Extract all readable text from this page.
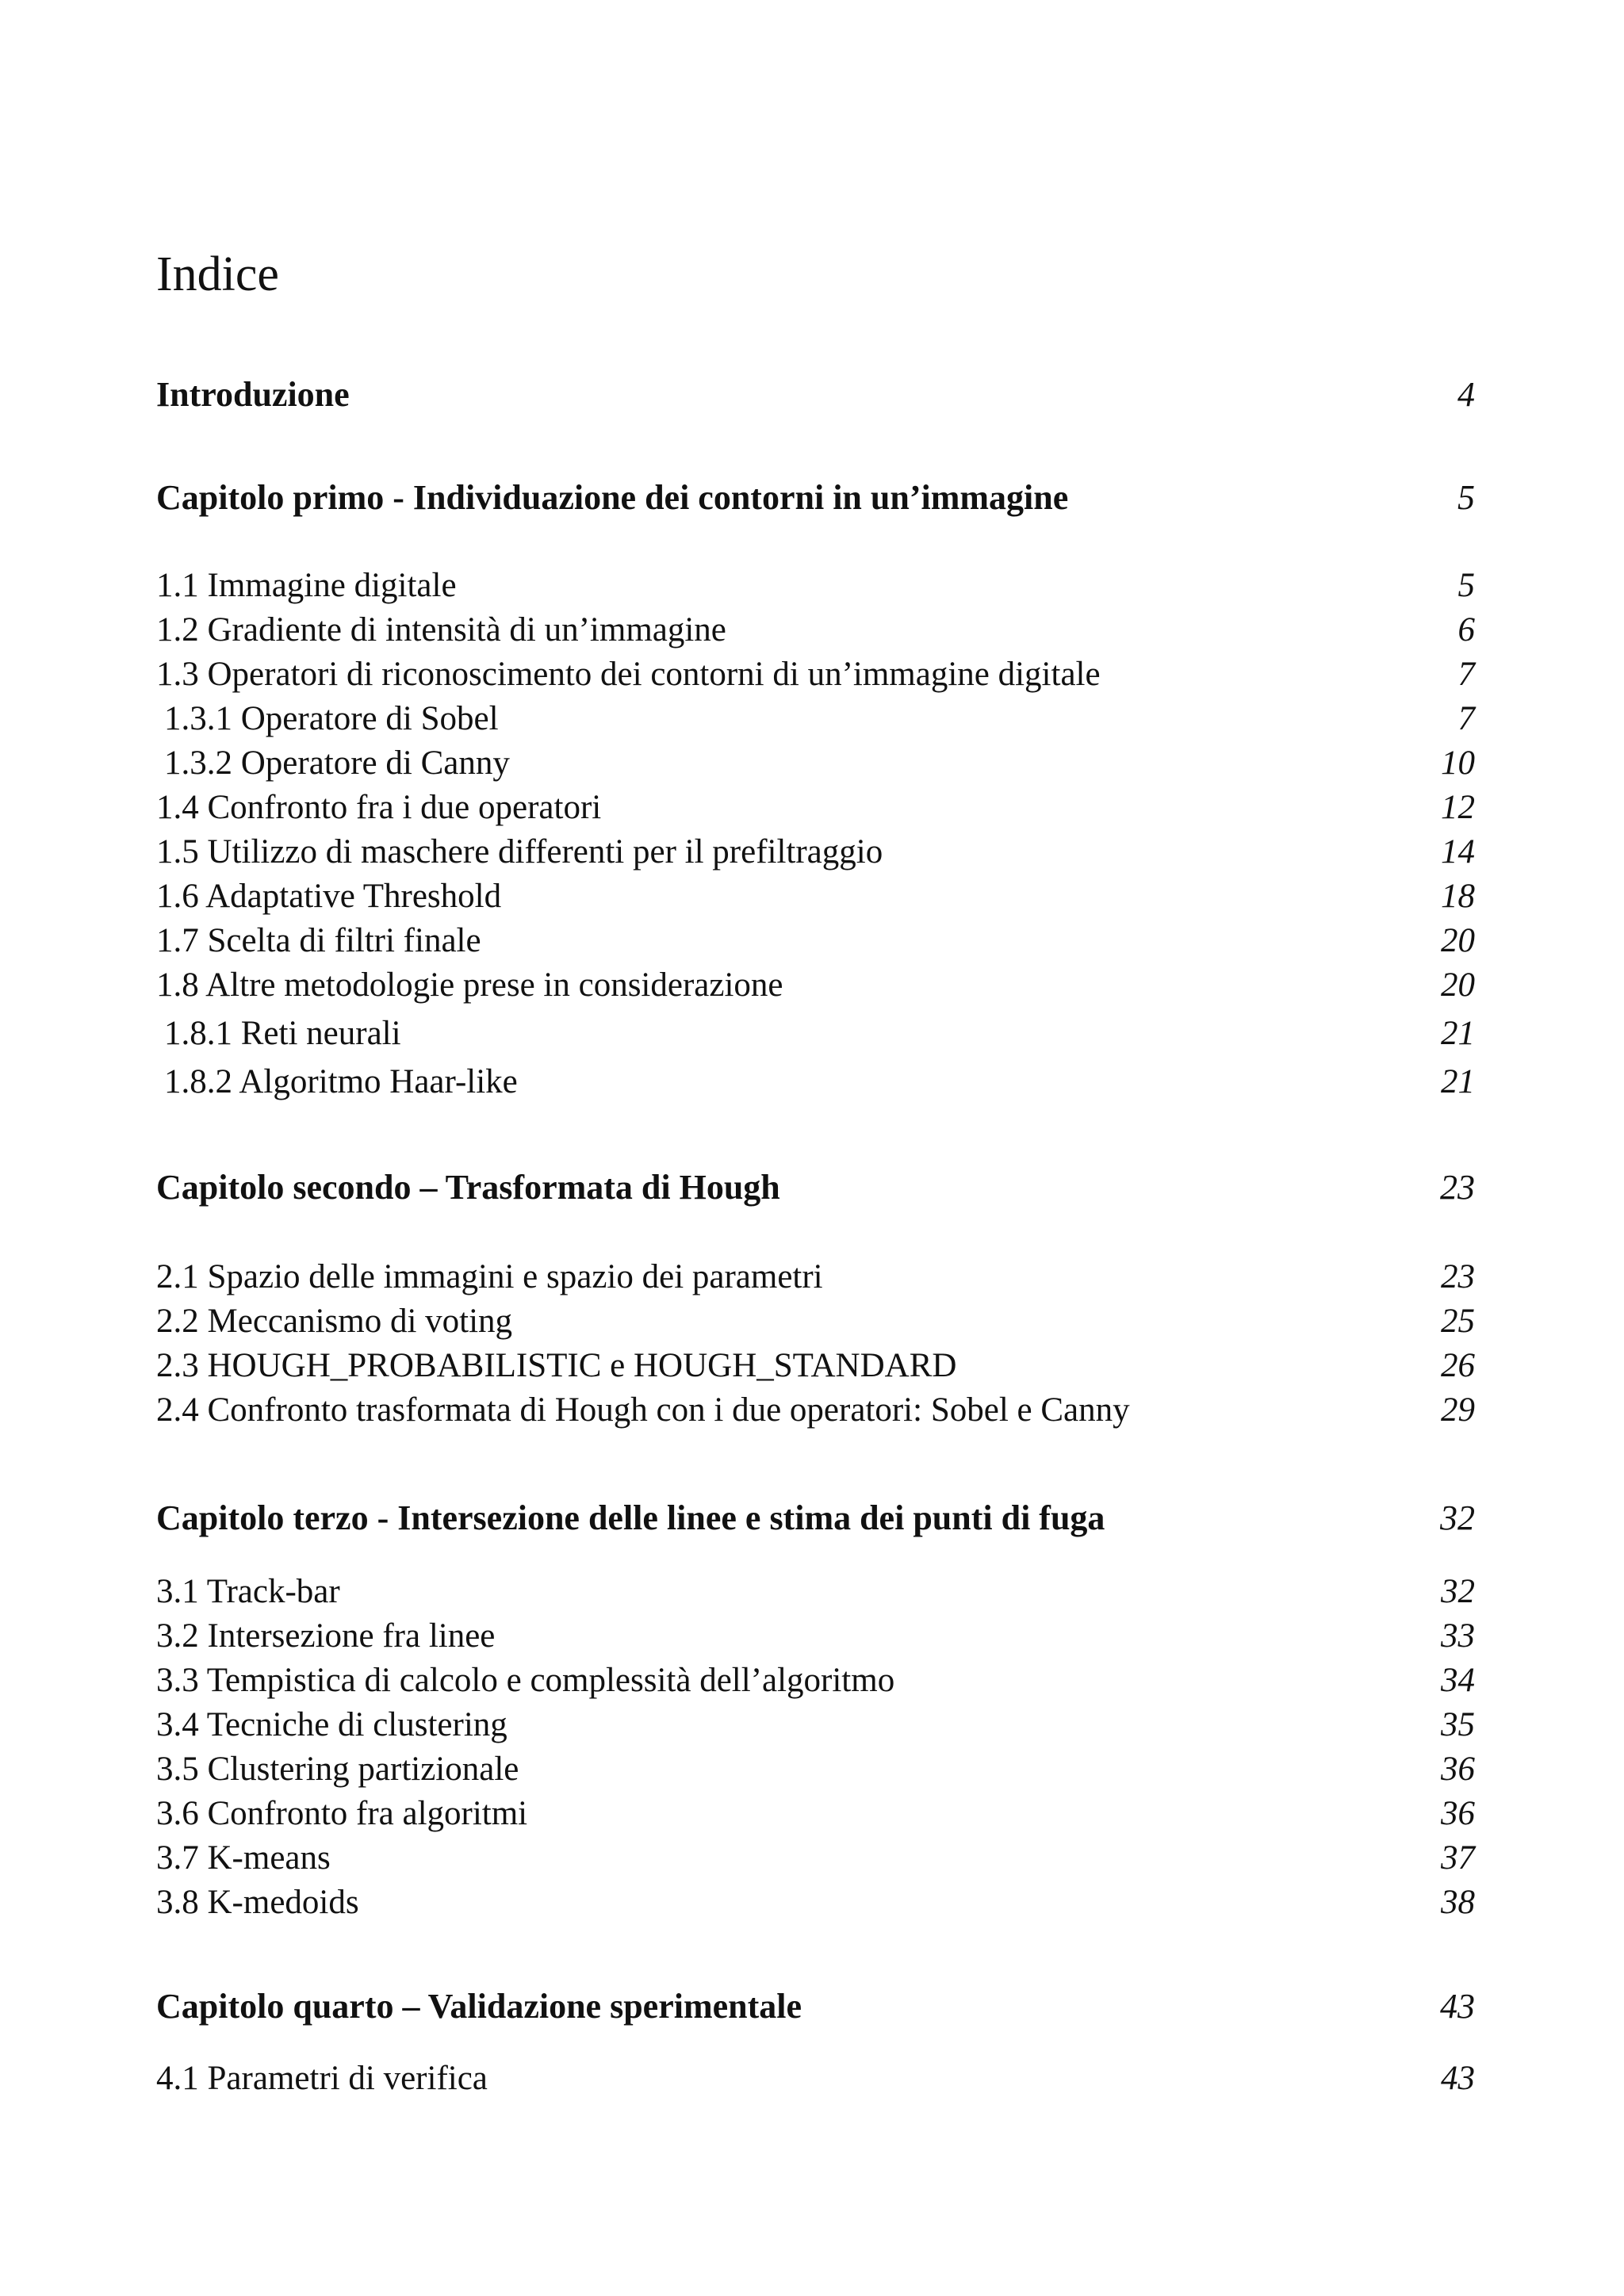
Indice
Introduzione	4
Capitolo primo - Individuazione dei contorni in un’immagine	5
1.1 Immagine digitale	5
1.2 Gradiente di intensità di un’immagine	6
1.3 Operatori di riconoscimento dei contorni di un’immagine digitale	7
1.3.1 Operatore di Sobel	7
1.3.2 Operatore di Canny	10
1.4 Confronto fra i due operatori	12
1.5 Utilizzo di maschere differenti per il prefiltraggio	14
1.6 Adaptative Threshold	18
1.7 Scelta di filtri finale	20
1.8 Altre metodologie prese in considerazione	20
1.8.1 Reti neurali	21
1.8.2 Algoritmo Haar-like	21
Capitolo secondo – Trasformata di Hough	23
2.1 Spazio delle immagini e spazio dei parametri	23
2.2 Meccanismo di voting	25
2.3 HOUGH_PROBABILISTIC e HOUGH_STANDARD	26
2.4 Confronto trasformata di Hough con i due operatori: Sobel e Canny	29
Capitolo terzo - Intersezione delle linee e stima dei punti di fuga	32
3.1 Track-bar	32
3.2 Intersezione fra linee	33
3.3 Tempistica di calcolo e complessità dell’algoritmo	34
3.4 Tecniche di clustering	35
3.5 Clustering partizionale	36
3.6 Confronto fra algoritmi	36
3.7 K-means	37
3.8 K-medoids	38
Capitolo quarto – Validazione sperimentale	43
4.1 Parametri di verifica	43
